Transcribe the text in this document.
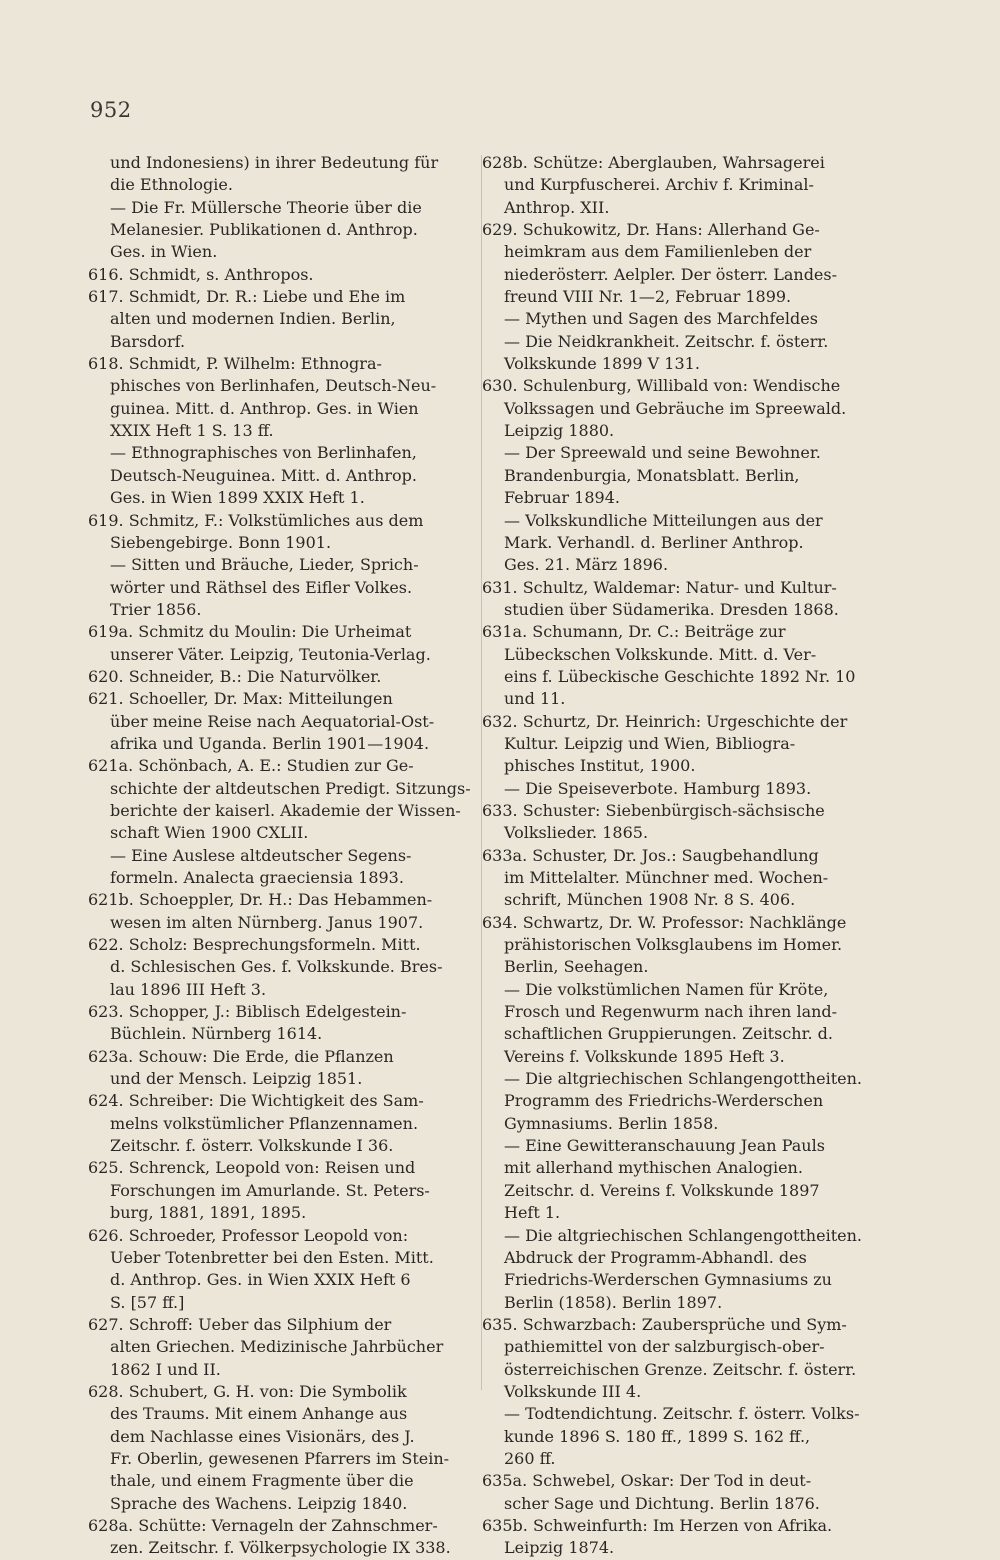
952
und Indonesiens) in ihrer Bedeutung für
die Ethnologie.
— Die Fr. Müllersche Theorie über die
Melanesier. Publikationen d. Anthrop.
Ges. in Wien.
616. Schmidt, s. Anthropos.
617. Schmidt, Dr. R.: Liebe und Ehe im
alten und modernen Indien. Berlin,
Barsdorf.
618. Schmidt, P. Wilhelm: Ethnogra-
phisches von Berlinhafen, Deutsch-Neu-
guinea. Mitt. d. Anthrop. Ges. in Wien
XXIX Heft 1 S. 13 ff.
— Ethnographisches von Berlinhafen,
Deutsch-Neuguinea. Mitt. d. Anthrop.
Ges. in Wien 1899 XXIX Heft 1.
619. Schmitz, F.: Volkstümliches aus dem
Siebengebirge. Bonn 1901.
— Sitten und Bräuche, Lieder, Sprich-
wörter und Räthsel des Eifler Volkes.
Trier 1856.
619a. Schmitz du Moulin: Die Urheimat
unserer Väter. Leipzig, Teutonia-Verlag.
620. Schneider, B.: Die Naturvölker.
621. Schoeller, Dr. Max: Mitteilungen
über meine Reise nach Aequatorial-Ost-
afrika und Uganda. Berlin 1901—1904.
621a. Schönbach, A. E.: Studien zur Ge-
schichte der altdeutschen Predigt. Sitzungs-
berichte der kaiserl. Akademie der Wissen-
schaft Wien 1900 CXLII.
— Eine Auslese altdeutscher Segens-
formeln. Analecta graeciensia 1893.
621b. Schoeppler, Dr. H.: Das Hebammen-
wesen im alten Nürnberg. Janus 1907.
622. Scholz: Besprechungsformeln. Mitt.
d. Schlesischen Ges. f. Volkskunde. Bres-
lau 1896 III Heft 3.
623. Schopper, J.: Biblisch Edelgestein-
Büchlein. Nürnberg 1614.
623a. Schouw: Die Erde, die Pflanzen
und der Mensch. Leipzig 1851.
624. Schreiber: Die Wichtigkeit des Sam-
melns volkstümlicher Pflanzennamen.
Zeitschr. f. österr. Volkskunde I 36.
625. Schrenck, Leopold von: Reisen und
Forschungen im Amurlande. St. Peters-
burg, 1881, 1891, 1895.
626. Schroeder, Professor Leopold von:
Ueber Totenbretter bei den Esten. Mitt.
d. Anthrop. Ges. in Wien XXIX Heft 6
S. [57 ff.]
627. Schroff: Ueber das Silphium der
alten Griechen. Medizinische Jahrbücher
1862 I und II.
628. Schubert, G. H. von: Die Symbolik
des Traums. Mit einem Anhange aus
dem Nachlasse eines Visionärs, des J.
Fr. Oberlin, gewesenen Pfarrers im Stein-
thale, und einem Fragmente über die
Sprache des Wachens. Leipzig 1840.
628a. Schütte: Vernageln der Zahnschmer-
zen. Zeitschr. f. Völkerpsychologie IX 338.
628b. Schütze: Aberglauben, Wahrsagerei
und Kurpfuscherei. Archiv f. Kriminal-
Anthrop. XII.
629. Schukowitz, Dr. Hans: Allerhand Ge-
heimkram aus dem Familienleben der
niederösterr. Aelpler. Der österr. Landes-
freund VIII Nr. 1—2, Februar 1899.
— Mythen und Sagen des Marchfeldes
— Die Neidkrankheit. Zeitschr. f. österr.
Volkskunde 1899 V 131.
630. Schulenburg, Willibald von: Wendische
Volkssagen und Gebräuche im Spreewald.
Leipzig 1880.
— Der Spreewald und seine Bewohner.
Brandenburgia, Monatsblatt. Berlin,
Februar 1894.
— Volkskundliche Mitteilungen aus der
Mark. Verhandl. d. Berliner Anthrop.
Ges. 21. März 1896.
631. Schultz, Waldemar: Natur- und Kultur-
studien über Südamerika. Dresden 1868.
631a. Schumann, Dr. C.: Beiträge zur
Lübeckschen Volkskunde. Mitt. d. Ver-
eins f. Lübeckische Geschichte 1892 Nr. 10
und 11.
632. Schurtz, Dr. Heinrich: Urgeschichte der
Kultur. Leipzig und Wien, Bibliogra-
phisches Institut, 1900.
— Die Speiseverbote. Hamburg 1893.
633. Schuster: Siebenbürgisch-sächsische
Volkslieder. 1865.
633a. Schuster, Dr. Jos.: Saugbehandlung
im Mittelalter. Münchner med. Wochen-
schrift, München 1908 Nr. 8 S. 406.
634. Schwartz, Dr. W. Professor: Nachklänge
prähistorischen Volksglaubens im Homer.
Berlin, Seehagen.
— Die volkstümlichen Namen für Kröte,
Frosch und Regenwurm nach ihren land-
schaftlichen Gruppierungen. Zeitschr. d.
Vereins f. Volkskunde 1895 Heft 3.
— Die altgriechischen Schlangengottheiten.
Programm des Friedrichs-Werderschen
Gymnasiums. Berlin 1858.
— Eine Gewitteranschauung Jean Pauls
mit allerhand mythischen Analogien.
Zeitschr. d. Vereins f. Volkskunde 1897
Heft 1.
— Die altgriechischen Schlangengottheiten.
Abdruck der Programm-Abhandl. des
Friedrichs-Werderschen Gymnasiums zu
Berlin (1858). Berlin 1897.
635. Schwarzbach: Zaubersprüche und Sym-
pathiemittel von der salzburgisch-ober-
österreichischen Grenze. Zeitschr. f. österr.
Volkskunde III 4.
— Todtendichtung. Zeitschr. f. österr. Volks-
kunde 1896 S. 180 ff., 1899 S. 162 ff.,
260 ff.
635a. Schwebel, Oskar: Der Tod in deut-
scher Sage und Dichtung. Berlin 1876.
635b. Schweinfurth: Im Herzen von Afrika.
Leipzig 1874.
